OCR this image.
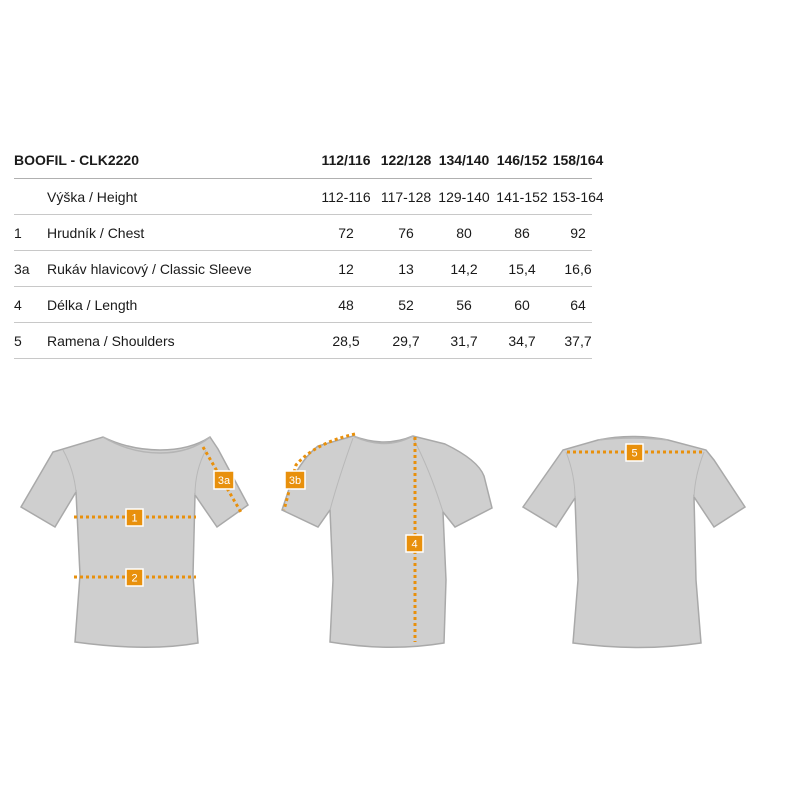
BOOFIL - CLK2220	112/116 122/128 134/140 146/152 158/164
Výška / Height	112-116 117-128 129-140 141-152 153-164
1 Hrudník / Chest	72	76	80	86	92
3a Rukáv hlavicový / Classic Sleeve	12	13	14,2	15,4	16,6
4 Délka / Length	48	52	56	60	64
5 Ramena / Shoulders	28,5	29,7	31,7	34,7	37,7
1
2
3a	3b
4
5
